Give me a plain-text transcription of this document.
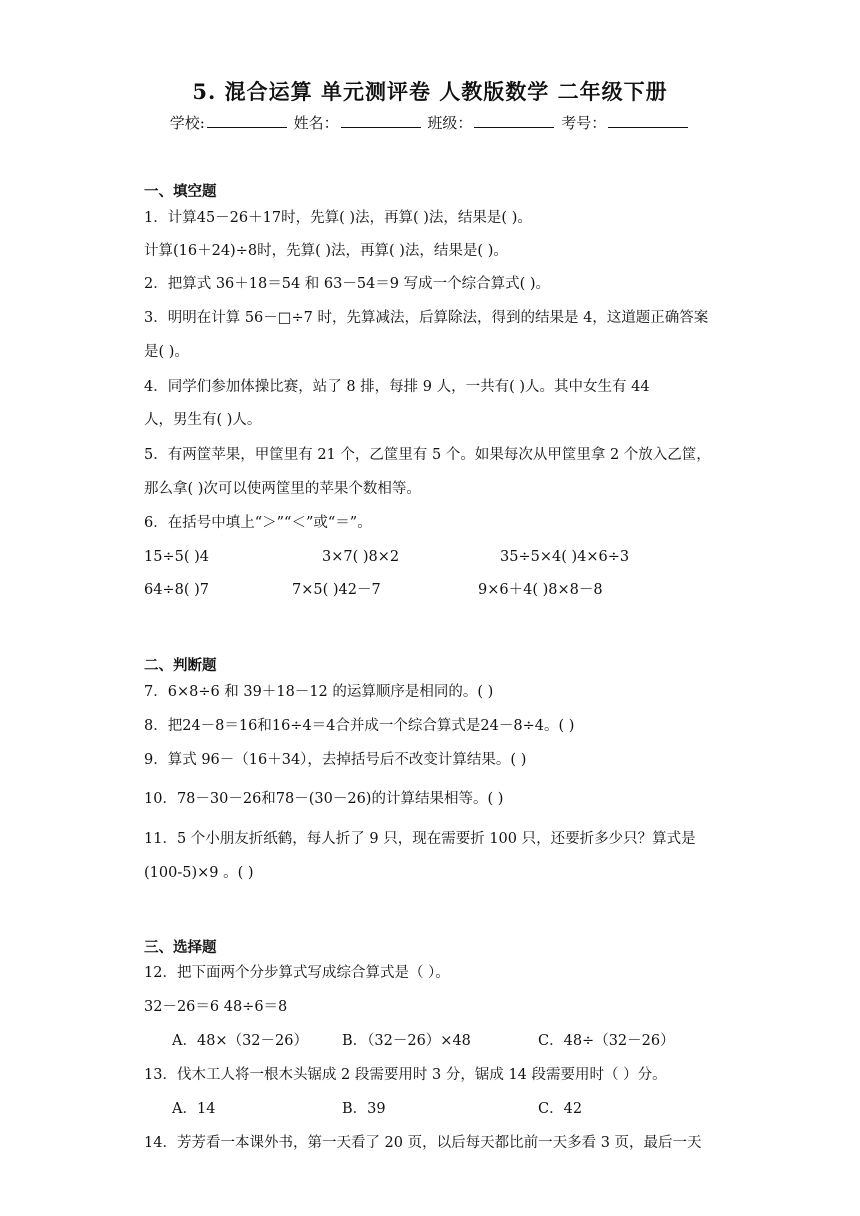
5. 混合运算 单元测评卷 人教版数学 二年级下册
学校:	姓名：	班级：	考号：
一、填空题
1．计算45－26＋17时，先算( )法，再算( )法，结果是( )。
计算(16＋24)÷8时，先算( )法，再算( )法，结果是( )。
2．把算式 36＋18＝54 和 63－54＝9 写成一个综合算式( )。
3．明明在计算 56－□÷7 时，先算减法，后算除法，得到的结果是 4，这道题正确答案
是( )。
4．同学们参加体操比赛，站了 8 排，每排 9 人，一共有( )人。其中女生有 44
人，男生有( )人。
5．有两筐苹果，甲筐里有 21 个，乙筐里有 5 个。如果每次从甲筐里拿 2 个放入乙筐，
那么拿( )次可以使两筐里的苹果个数相等。
6．在括号中填上“＞”“＜”或“＝”。
15÷5( )4	3×7( )8×2	35÷5×4( )4×6÷3
64÷8( )7	7×5( )42－7	9×6＋4( )8×8－8
二、判断题
7．6×8÷6 和 39＋18－12 的运算顺序是相同的。( )
8．把24－8＝16和16÷4＝4合并成一个综合算式是24－8÷4。( )
9．算式 96－（16＋34），去掉括号后不改变计算结果。( )
10．78－30－26和78－(30－26)的计算结果相等。( )
11．5 个小朋友折纸鹤，每人折了 9 只，现在需要折 100 只，还要折多少只？算式是
(100-5)×9 。( )
三、选择题
12．把下面两个分步算式写成综合算式是（ ）。
32－26＝6 48÷6＝8
A．48×（32－26） B．（32－26）×48	C．48÷（32－26）
13．伐木工人将一根木头锯成 2 段需要用时 3 分，锯成 14 段需要用时（ ）分。
A．14	B．39	C．42
14．芳芳看一本课外书，第一天看了 20 页，以后每天都比前一天多看 3 页，最后一天
